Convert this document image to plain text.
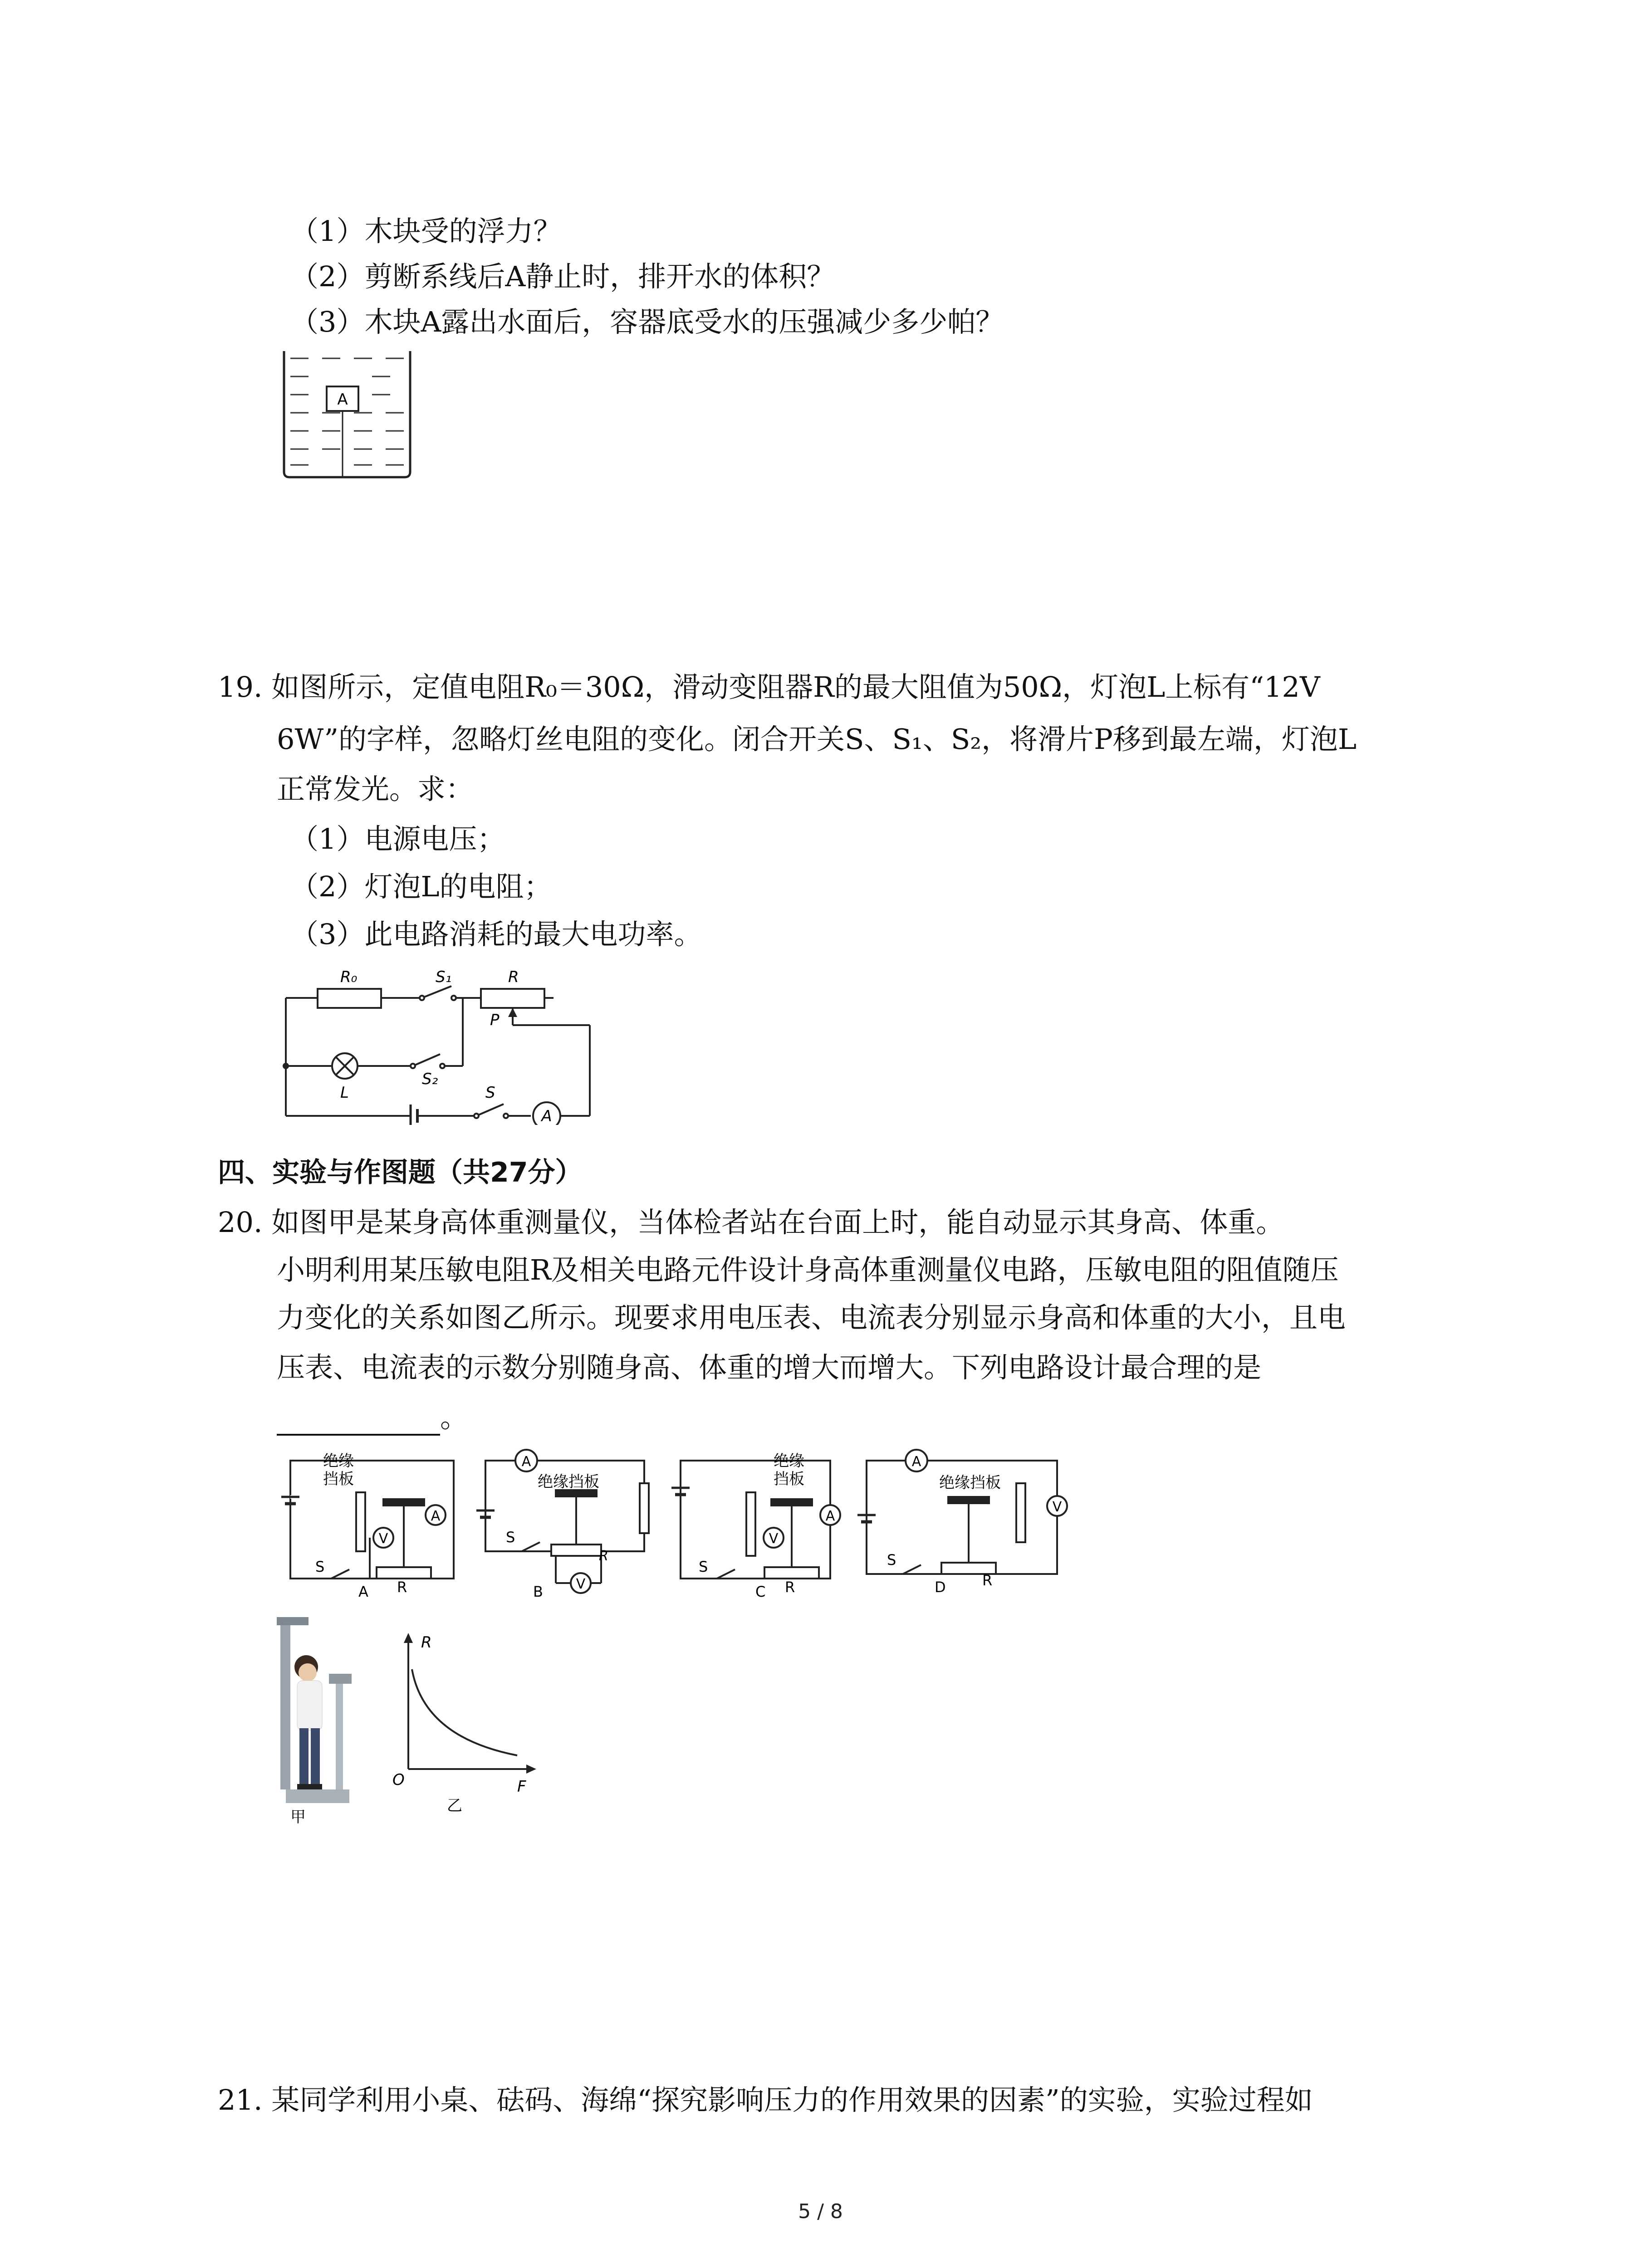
（1）木块受的浮力？
（2）剪断系线后A静止时，排开水的体积？
（3）木块A露出水面后，容器底受水的压强减少多少帕？
A
19. 如图所示，定值电阻R₀＝30Ω，滑动变阻器R的最大阻值为50Ω，灯泡L上标有“12V
6W”的字样，忽略灯丝电阻的变化。闭合开关S、S₁、S₂，将滑片P移到最左端，灯泡L
正常发光。求：
（1）电源电压；
（2）灯泡L的电阻；
（3）此电路消耗的最大电功率。
R₀	S₁	R
P
L
S₂
S
A
四、实验与作图题（共27分）
20. 如图甲是某身高体重测量仪，当体检者站在台面上时，能自动显示其身高、体重。
小明利用某压敏电阻R及相关电路元件设计身高体重测量仪电路，压敏电阻的阻值随压
力变化的关系如图乙所示。现要求用电压表、电流表分别显示身高和体重的大小，且电
压表、电流表的示数分别随身高、体重的增大而增大。下列电路设计最合理的是
。
绝缘
挡板
A
V
S
A R
A
绝缘挡板
V
S
R
B
绝缘
挡板
A
V
S
C R
A
绝缘挡板
V
S
D	R
甲
R
O	F
乙
21. 某同学利用小桌、砝码、海绵“探究影响压力的作用效果的因素”的实验，实验过程如
5 / 8
